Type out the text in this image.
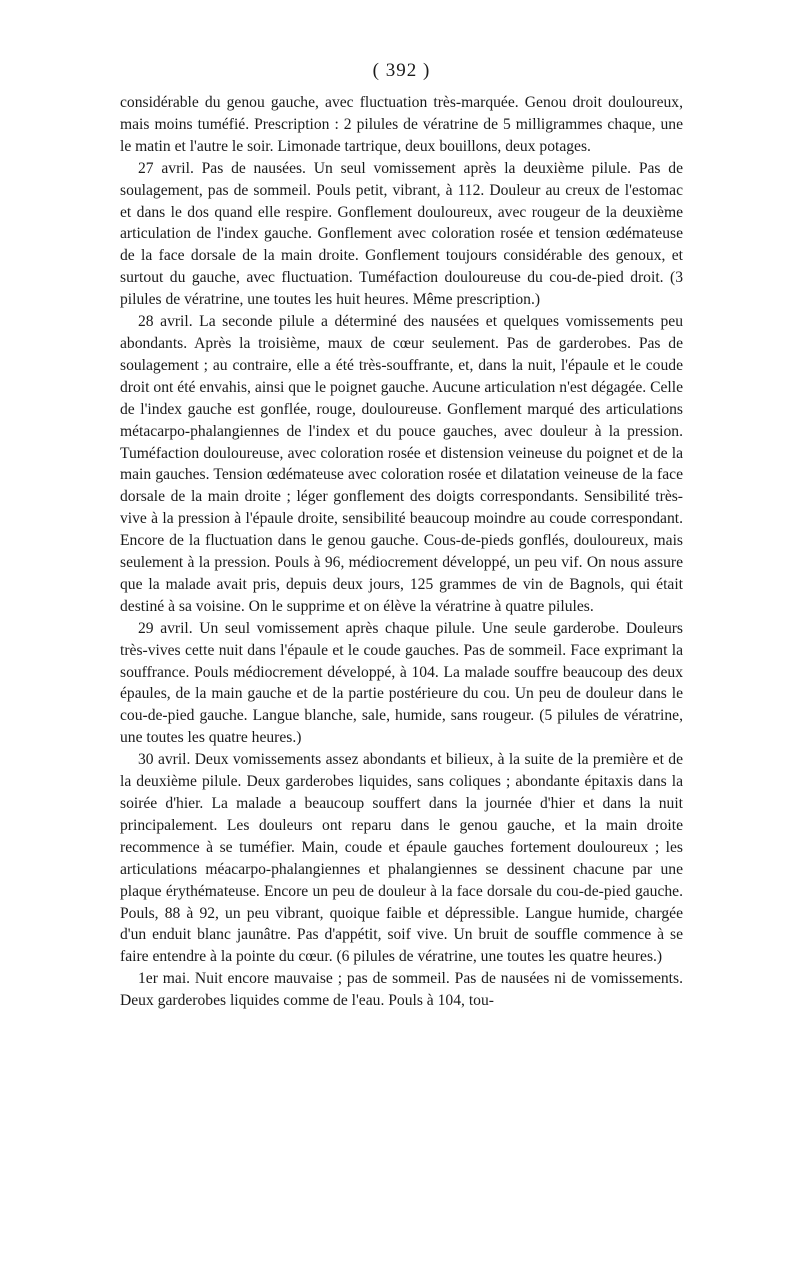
( 392 )

considérable du genou gauche, avec fluctuation très-marquée. Genou droit douloureux, mais moins tuméfié. Prescription : 2 pilules de vératrine de 5 milligrammes chaque, une le matin et l'autre le soir. Limonade tartrique, deux bouillons, deux potages.

27 avril. Pas de nausées. Un seul vomissement après la deuxième pilule. Pas de soulagement, pas de sommeil. Pouls petit, vibrant, à 112. Douleur au creux de l'estomac et dans le dos quand elle respire. Gonflement douloureux, avec rougeur de la deuxième articulation de l'index gauche. Gonflement avec coloration rosée et tension œdémateuse de la face dorsale de la main droite. Gonflement toujours considérable des genoux, et surtout du gauche, avec fluctuation. Tuméfaction douloureuse du cou-de-pied droit. (3 pilules de vératrine, une toutes les huit heures. Même prescription.)

28 avril. La seconde pilule a déterminé des nausées et quelques vomissements peu abondants. Après la troisième, maux de cœur seulement. Pas de garderobes. Pas de soulagement ; au contraire, elle a été très-souffrante, et, dans la nuit, l'épaule et le coude droit ont été envahis, ainsi que le poignet gauche. Aucune articulation n'est dégagée. Celle de l'index gauche est gonflée, rouge, douloureuse. Gonflement marqué des articulations métacarpo-phalangiennes de l'index et du pouce gauches, avec douleur à la pression. Tuméfaction douloureuse, avec coloration rosée et distension veineuse du poignet et de la main gauches. Tension œdémateuse avec coloration rosée et dilatation veineuse de la face dorsale de la main droite ; léger gonflement des doigts correspondants. Sensibilité très-vive à la pression à l'épaule droite, sensibilité beaucoup moindre au coude correspondant. Encore de la fluctuation dans le genou gauche. Cous-de-pieds gonflés, douloureux, mais seulement à la pression. Pouls à 96, médiocrement développé, un peu vif. On nous assure que la malade avait pris, depuis deux jours, 125 grammes de vin de Bagnols, qui était destiné à sa voisine. On le supprime et on élève la vératrine à quatre pilules.

29 avril. Un seul vomissement après chaque pilule. Une seule garderobe. Douleurs très-vives cette nuit dans l'épaule et le coude gauches. Pas de sommeil. Face exprimant la souffrance. Pouls médiocrement développé, à 104. La malade souffre beaucoup des deux épaules, de la main gauche et de la partie postérieure du cou. Un peu de douleur dans le cou-de-pied gauche. Langue blanche, sale, humide, sans rougeur. (5 pilules de vératrine, une toutes les quatre heures.)

30 avril. Deux vomissements assez abondants et bilieux, à la suite de la première et de la deuxième pilule. Deux garderobes liquides, sans coliques ; abondante épitaxis dans la soirée d'hier. La malade a beaucoup souffert dans la journée d'hier et dans la nuit principalement. Les douleurs ont reparu dans le genou gauche, et la main droite recommence à se tuméfier. Main, coude et épaule gauches fortement douloureux ; les articulations méacarpo-phalangiennes et phalangiennes se dessinent chacune par une plaque érythémateuse. Encore un peu de douleur à la face dorsale du cou-de-pied gauche. Pouls, 88 à 92, un peu vibrant, quoique faible et dépressible. Langue humide, chargée d'un enduit blanc jaunâtre. Pas d'appétit, soif vive. Un bruit de souffle commence à se faire entendre à la pointe du cœur. (6 pilules de vératrine, une toutes les quatre heures.)

1er mai. Nuit encore mauvaise ; pas de sommeil. Pas de nausées ni de vomissements. Deux garderobes liquides comme de l'eau. Pouls à 104, tou-
